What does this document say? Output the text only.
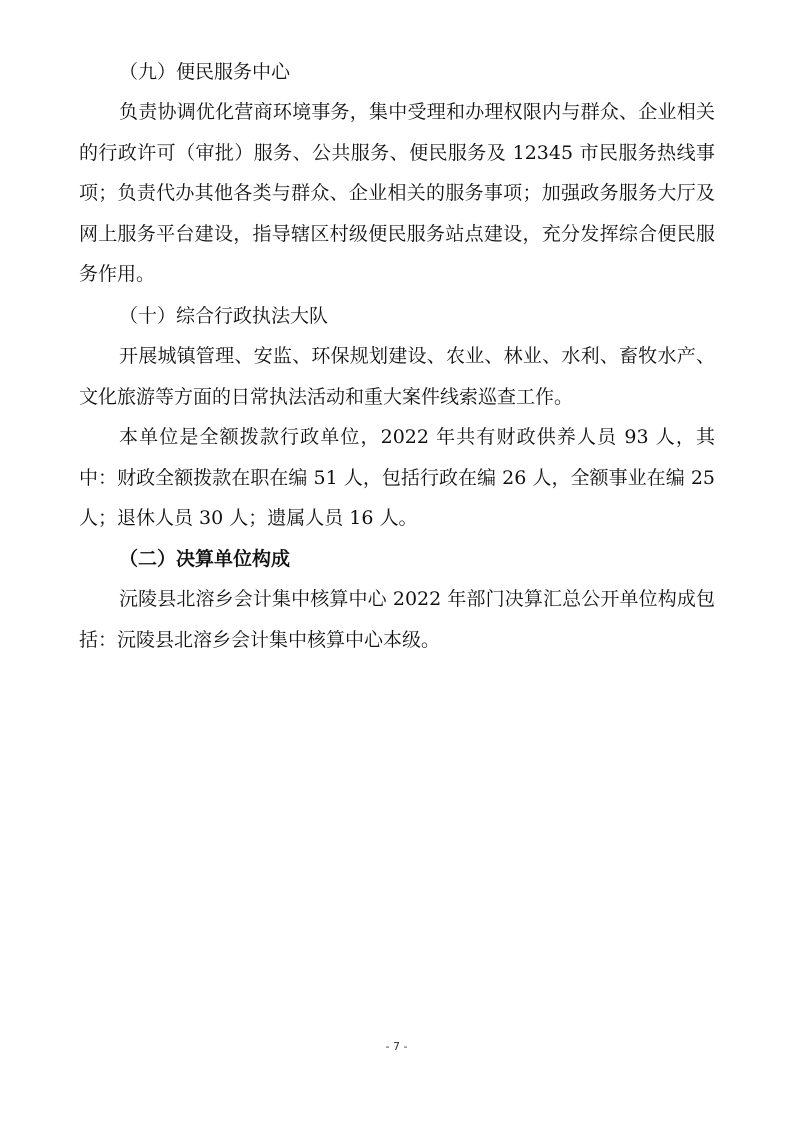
（九）便民服务中心

负责协调优化营商环境事务，集中受理和办理权限内与群众、企业相关的行政许可（审批）服务、公共服务、便民服务及 12345 市民服务热线事项；负责代办其他各类与群众、企业相关的服务事项；加强政务服务大厅及网上服务平台建设，指导辖区村级便民服务站点建设，充分发挥综合便民服务作用。

（十）综合行政执法大队

开展城镇管理、安监、环保规划建设、农业、林业、水利、畜牧水产、文化旅游等方面的日常执法活动和重大案件线索巡查工作。

本单位是全额拨款行政单位，2022 年共有财政供养人员 93 人，其中：财政全额拨款在职在编 51 人，包括行政在编 26 人，全额事业在编 25 人；退休人员 30 人；遗属人员 16 人。

（二）决算单位构成

沅陵县北溶乡会计集中核算中心 2022 年部门决算汇总公开单位构成包括：沅陵县北溶乡会计集中核算中心本级。

- 7 -
